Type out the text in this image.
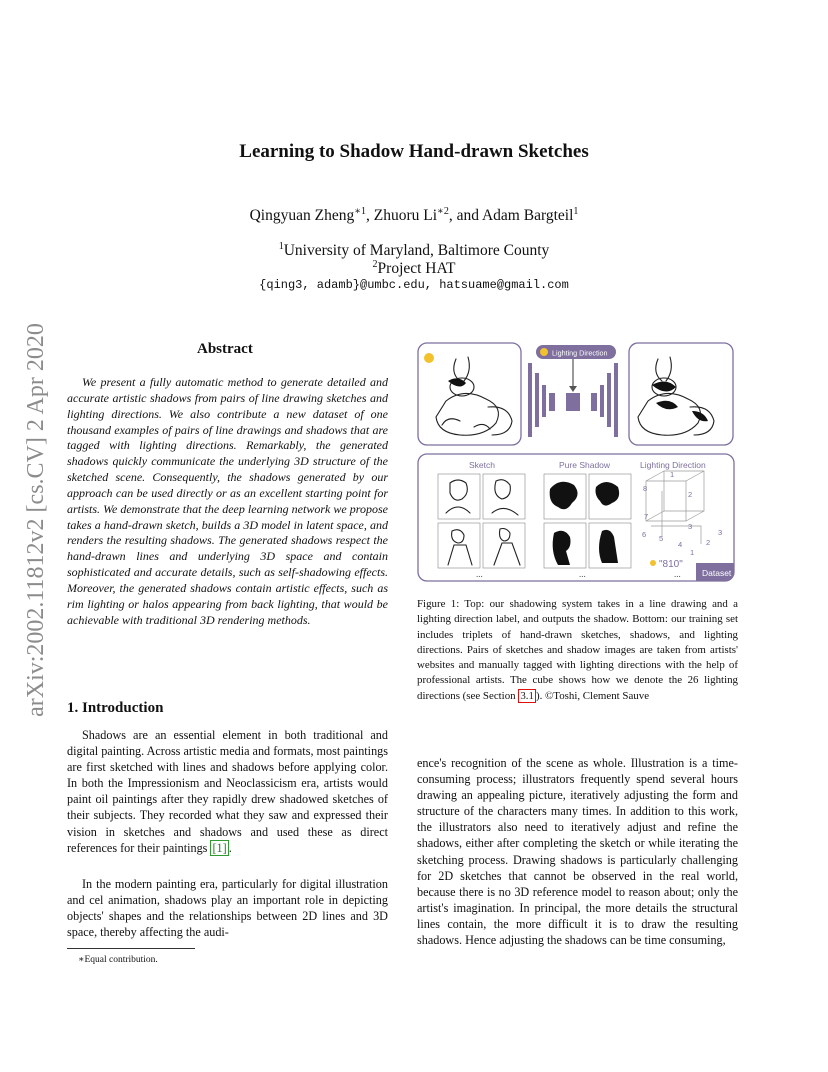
arXiv:2002.11812v2 [cs.CV] 2 Apr 2020
Learning to Shadow Hand-drawn Sketches
Qingyuan Zheng$^{∗1}$, Zhuoru $Li^{∗2}$, and Adam Bargteil$^1$
$^1$University of Maryland, Baltimore County
$^2$Project HAT
{qing3, adamb}@umbc.edu, hatsuame@gmail.com
Abstract
We present a fully automatic method to generate detailed and accurate artistic shadows from pairs of line drawing sketches and lighting directions. We also contribute a new dataset of one thousand examples of pairs of line drawings and shadows that are tagged with lighting directions. Remarkably, the generated shadows quickly communicate the underlying 3D structure of the sketched scene. Consequently, the shadows generated by our approach can be used directly or as an excellent starting point for artists. We demonstrate that the deep learning network we propose takes a hand-drawn sketch, builds a 3D model in latent space, and renders the resulting shadows. The generated shadows respect the hand-drawn lines and underlying 3D space and contain sophisticated and accurate details, such as self-shadowing effects. Moreover, the generated shadows contain artistic effects, such as rim lighting or halos appearing from back lighting, that would be achievable with traditional 3D rendering methods.
1. Introduction
Shadows are an essential element in both traditional and digital painting. Across artistic media and formats, most paintings are first sketched with lines and shadows before applying color. In both the Impressionism and Neoclassicism era, artists would paint oil paintings after they rapidly drew shadowed sketches of their subjects. They recorded what they saw and expressed their vision in sketches and shadows and used these as direct references for their paintings [1] .
In the modern painting era, particularly for digital illustration and cel animation, shadows play an important role in depicting objects' shapes and the relationships between 2D lines and 3D space, thereby affecting the audi-
ence's recognition of the scene as whole. Illustration is a time-consuming process; illustrators frequently spend several hours drawing an appealing picture, iteratively adjusting the form and structure of the characters many times. In addition to this work, the illustrators also need to iteratively adjust and refine the shadows, either after completing the sketch or while iterating the sketching process. Drawing shadows is particularly challenging for 2D sketches that cannot be observed in the real world, because there is no 3D reference model to reason about; only the artist's imagination. In principal, the more details the structural lines contain, the more difficult it is to draw the resulting shadows. Hence adjusting the shadows can be time consuming,
∗Equal contribution.
Lighting Direction
Sketch	Pure Shadow	Lighting Direction
8
1
2
7
3
6 5
4
1
2
3
"810"
...	...	...	Dataset
Figure 1: Top: our shadowing system takes in a line drawing and a lighting direction label, and outputs the shadow. Bottom: our training set includes triplets of hand-drawn sketches, shadows, and lighting directions. Pairs of sketches and shadow images are taken from artists' websites and manually tagged with lighting directions with the help of professional artists. The cube shows how we denote the 26 lighting directions (see Section 3.1 ). ©Toshi, Clement Sauve
